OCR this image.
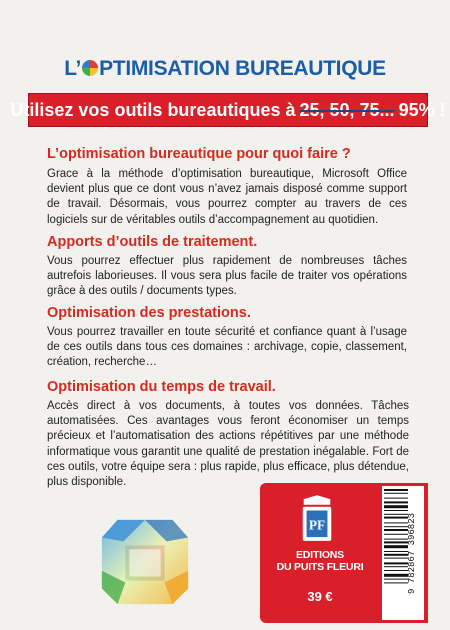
L’ PTIMISATION BUREAUTIQUE
Utilisez vos outils bureautiques à 25, 50, 75... 95% !
L’optimisation bureautique pour quoi faire ?

Grace à la méthode d’optimisation bureautique, Microsoft Office devient plus que ce dont vous n’avez jamais disposé comme support de travail. Désormais, vous pourrez compter au travers de ces logiciels sur de véritables outils d’accompagnement au quotidien.

Apports d’outils de traitement.

Vous pourrez effectuer plus rapidement de nombreuses tâches autrefois laborieuses. Il vous sera plus facile de traiter vos opérations grâce à des outils / documents types.

Optimisation des prestations.

Vous pourrez travailler en toute sécurité et confiance quant à l’usage de ces outils dans tous ces domaines : archivage, copie, classement, création, recherche…

Optimisation du temps de travail.

Accès direct à vos documents, à toutes vos données. Tâches automatisées. Ces avantages vous feront économiser un temps précieux et l’automatisation des actions répétitives par une méthode informatique vous garantit une qualité de prestation inégalable. Fort de ces outils, votre équipe sera : plus rapide, plus efficace, plus détendue, plus disponible.

PF
EDITIONS
DU PUITS FLEURI
39 €
9 782867 396823
